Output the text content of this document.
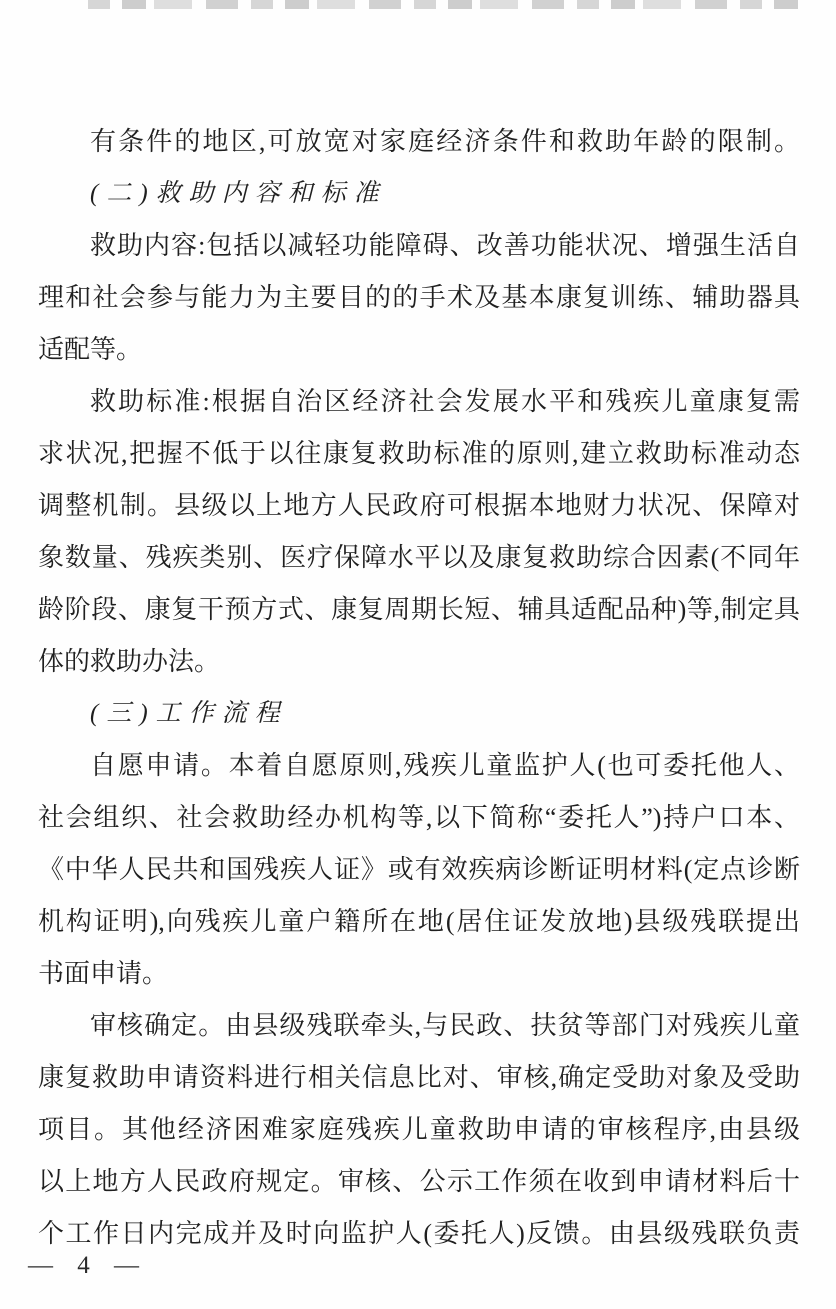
有条件的地区,可放宽对家庭经济条件和救助年龄的限制。
(二)救助内容和标准
救助内容:包括以减轻功能障碍、改善功能状况、增强生活自
理和社会参与能力为主要目的的手术及基本康复训练、辅助器具
适配等。
救助标准:根据自治区经济社会发展水平和残疾儿童康复需
求状况,把握不低于以往康复救助标准的原则,建立救助标准动态
调整机制。县级以上地方人民政府可根据本地财力状况、保障对
象数量、残疾类别、医疗保障水平以及康复救助综合因素(不同年
龄阶段、康复干预方式、康复周期长短、辅具适配品种)等,制定具
体的救助办法。
(三)工作流程
自愿申请。本着自愿原则,残疾儿童监护人(也可委托他人、
社会组织、社会救助经办机构等,以下简称“委托人”)持户口本、
《中华人民共和国残疾人证》或有效疾病诊断证明材料(定点诊断
机构证明),向残疾儿童户籍所在地(居住证发放地)县级残联提出
书面申请。
审核确定。由县级残联牵头,与民政、扶贫等部门对残疾儿童
康复救助申请资料进行相关信息比对、审核,确定受助对象及受助
项目。其他经济困难家庭残疾儿童救助申请的审核程序,由县级
以上地方人民政府规定。审核、公示工作须在收到申请材料后十
个工作日内完成并及时向监护人(委托人)反馈。由县级残联负责
— 4 —
